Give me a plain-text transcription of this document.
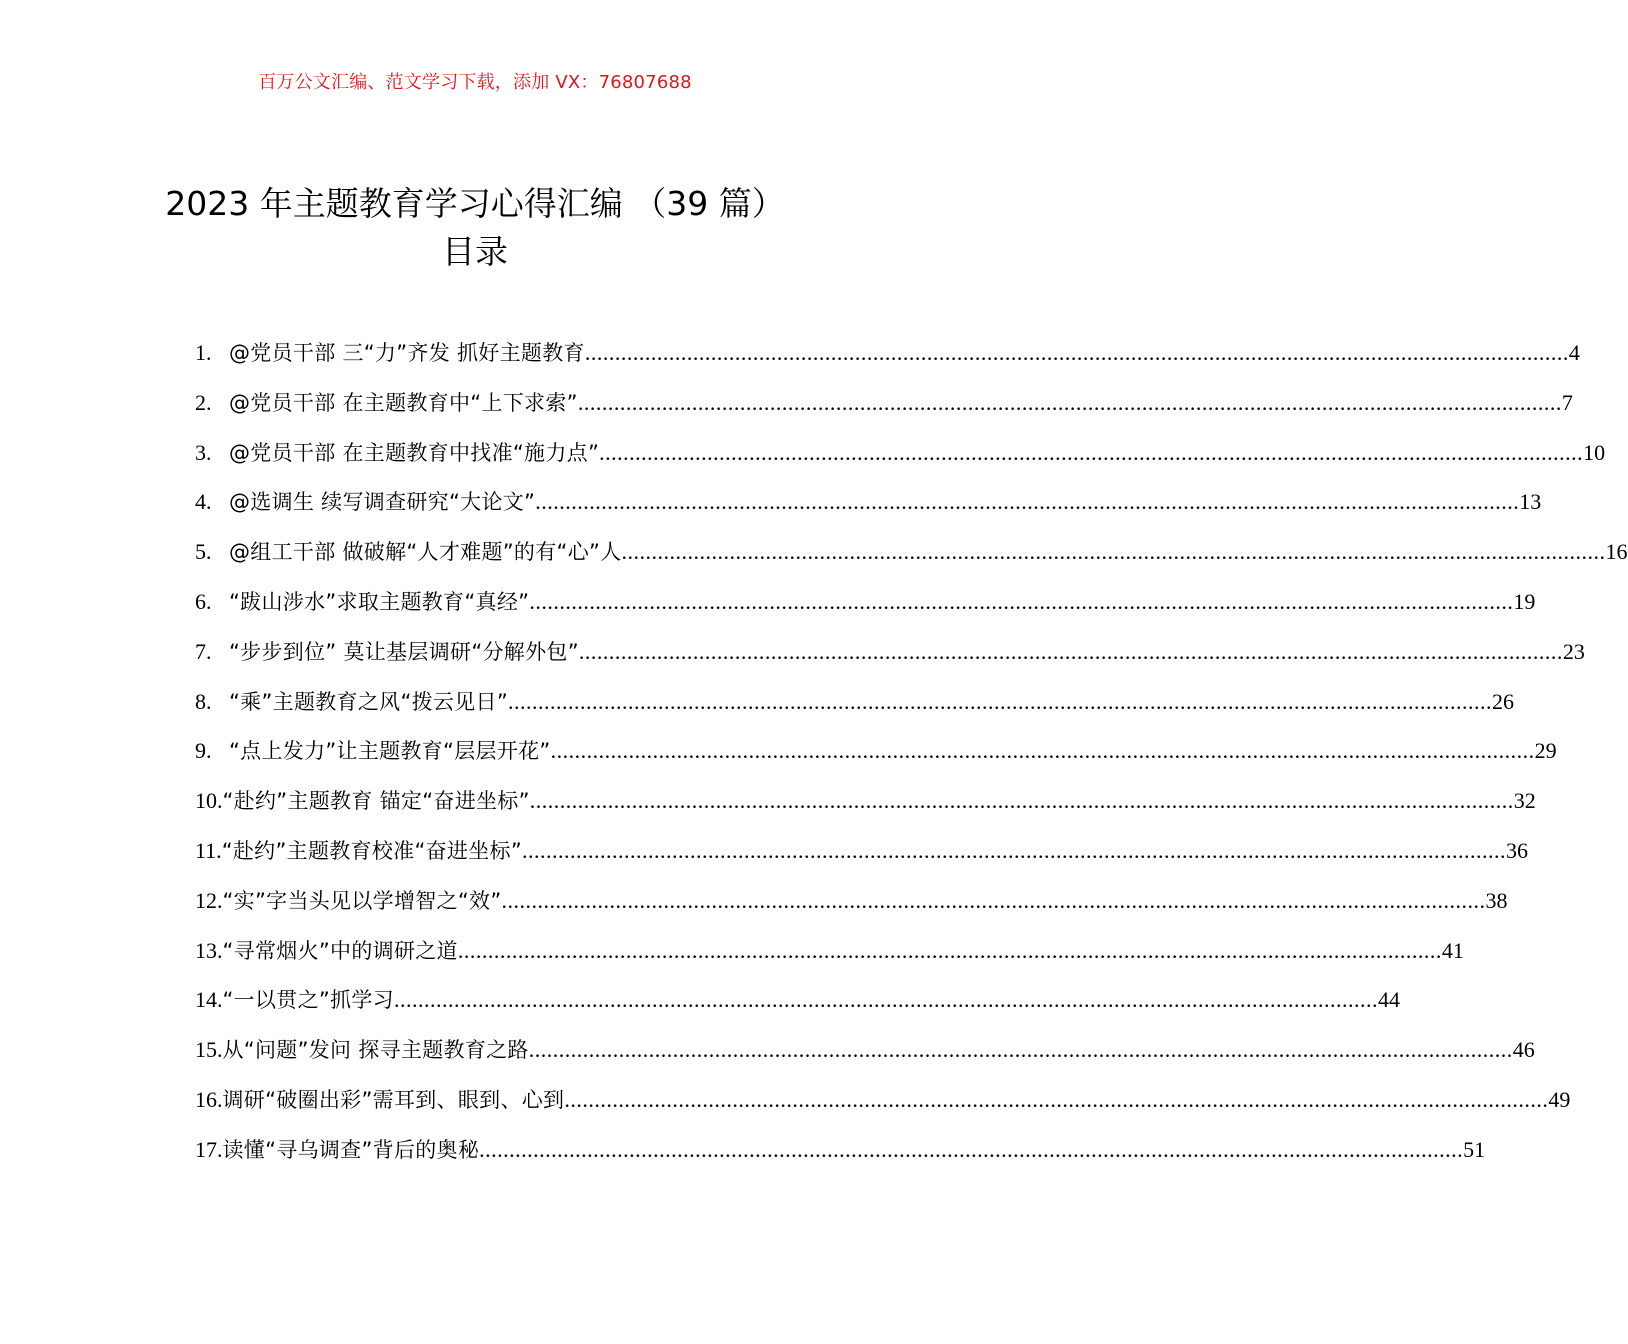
百万公文汇编、范文学习下载，添加 VX：76807688
2023 年主题教育学习心得汇编 （39 篇）
目录
1. @党员干部 三“力”齐发 抓好主题教育 .....	4
2. @党员干部 在主题教育中“上下求索” .....	7
3. @党员干部 在主题教育中找准“施力点” .....	10
4. @选调生 续写调查研究“大论文” .....	13
5. @组工干部 做破解“人才难题”的有“心”人 .....	16
6. “跋山涉水”求取主题教育“真经” .....	19
7. “步步到位” 莫让基层调研“分解外包” .....	23
8. “乘”主题教育之风“拨云见日” .....	26
9. “点上发力”让主题教育“层层开花” .....	29
10. “赴约”主题教育 锚定“奋进坐标” .....	32
11. “赴约”主题教育校准“奋进坐标” .....	36
12. “实”字当头见以学增智之“效” .....	38
13. “寻常烟火”中的调研之道 .....	41
14. “一以贯之”抓学习 .....	44
15. 从“问题”发问 探寻主题教育之路 .....	46
16. 调研“破圈出彩”需耳到、眼到、心到 .....	49
17. 读懂“寻乌调查”背后的奥秘 .....	51
